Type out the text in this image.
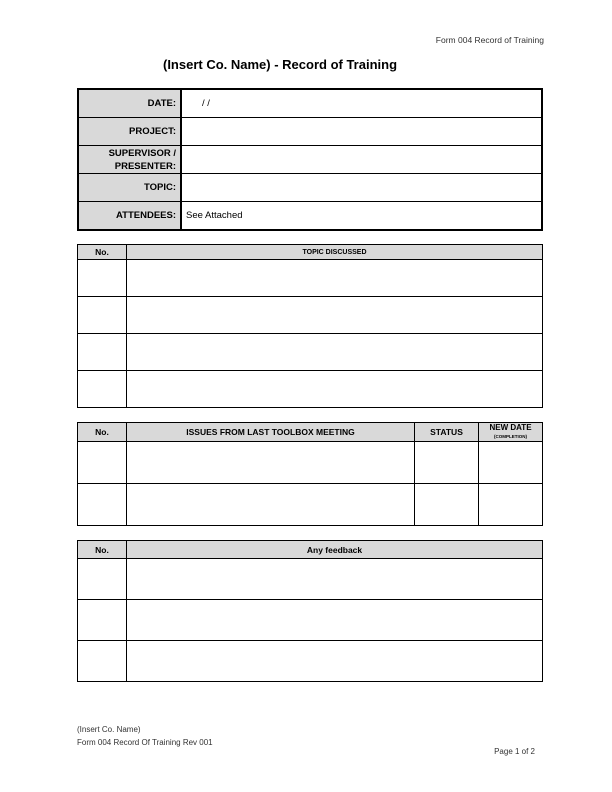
Form 004 Record of Training
(Insert Co. Name) - Record of Training
DATE:	/ /
PROJECT:	
SUPERVISOR /
PRESENTER:	
TOPIC:	
ATTENDEES:	See Attached
No.	TOPIC DISCUSSED

No.	ISSUES FROM LAST TOOLBOX MEETING	STATUS	NEW DATE
(COMPLETION)

No.	Any feedback

(Insert Co. Name)
Form 004 Record Of Training Rev 001
Page 1 of 2
